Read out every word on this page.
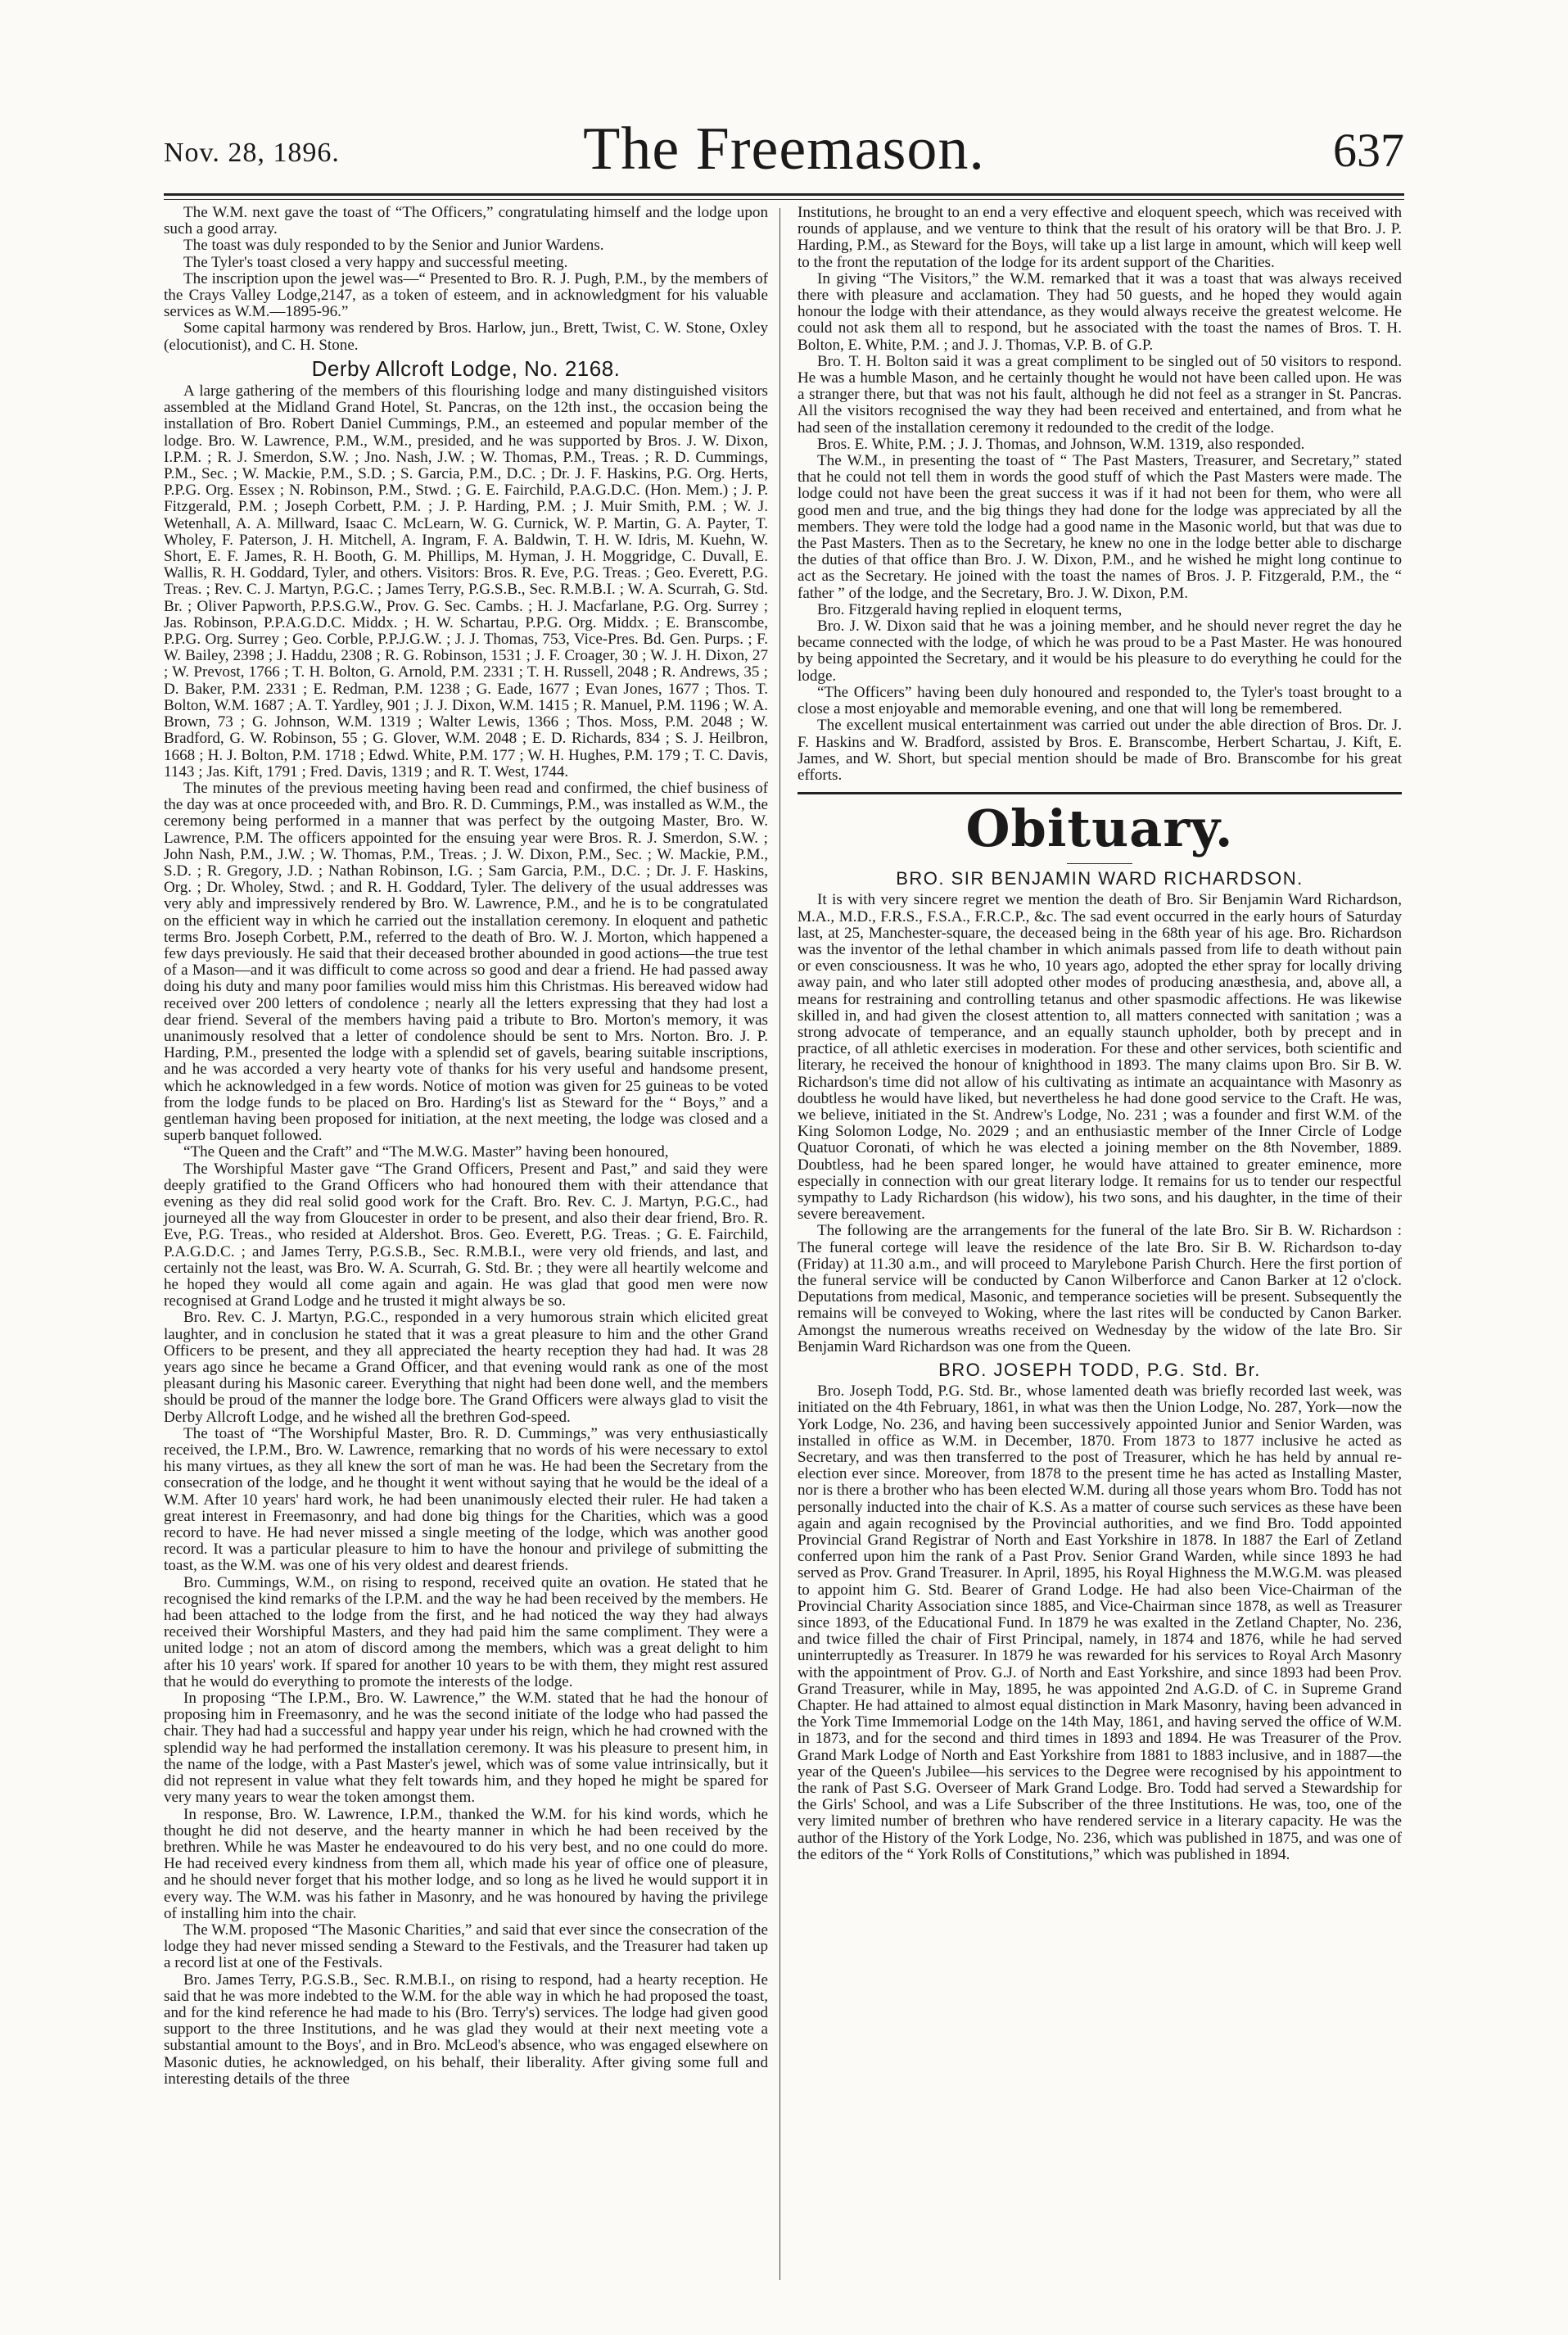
Nov. 28, 1896.	The Freemason.	637

The W.M. next gave the toast of “The Officers,” congratulating himself and the lodge upon such a good array.

The toast was duly responded to by the Senior and Junior Wardens.

The Tyler's toast closed a very happy and successful meeting.

The inscription upon the jewel was—“ Presented to Bro. R. J. Pugh, P.M., by the members of the Crays Valley Lodge,2147, as a token of esteem, and in acknowledgment for his valuable services as W.M.—1895-96.”

Some capital harmony was rendered by Bros. Harlow, jun., Brett, Twist, C. W. Stone, Oxley (elocutionist), and C. H. Stone.

Derby Allcroft Lodge, No. 2168.

A large gathering of the members of this flourishing lodge and many distinguished visitors assembled at the Midland Grand Hotel, St. Pancras, on the 12th inst., the occasion being the installation of Bro. Robert Daniel Cummings, P.M., an esteemed and popular member of the lodge. Bro. W. Lawrence, P.M., W.M., presided, and he was supported by Bros. J. W. Dixon, I.P.M. ; R. J. Smerdon, S.W. ; Jno. Nash, J.W. ; W. Thomas, P.M., Treas. ; R. D. Cummings, P.M., Sec. ; W. Mackie, P.M., S.D. ; S. Garcia, P.M., D.C. ; Dr. J. F. Haskins, P.G. Org. Herts, P.P.G. Org. Essex ; N. Robinson, P.M., Stwd. ; G. E. Fairchild, P.A.G.D.C. (Hon. Mem.) ; J. P. Fitzgerald, P.M. ; Joseph Corbett, P.M. ; J. P. Harding, P.M. ; J. Muir Smith, P.M. ; W. J. Wetenhall, A. A. Millward, Isaac C. McLearn, W. G. Curnick, W. P. Martin, G. A. Payter, T. Wholey, F. Paterson, J. H. Mitchell, A. Ingram, F. A. Baldwin, T. H. W. Idris, M. Kuehn, W. Short, E. F. James, R. H. Booth, G. M. Phillips, M. Hyman, J. H. Moggridge, C. Duvall, E. Wallis, R. H. Goddard, Tyler, and others. Visitors: Bros. R. Eve, P.G. Treas. ; Geo. Everett, P.G. Treas. ; Rev. C. J. Martyn, P.G.C. ; James Terry, P.G.S.B., Sec. R.M.B.I. ; W. A. Scurrah, G. Std. Br. ; Oliver Papworth, P.P.S.G.W., Prov. G. Sec. Cambs. ; H. J. Macfarlane, P.G. Org. Surrey ; Jas. Robinson, P.P.A.G.D.C. Middx. ; H. W. Schartau, P.P.G. Org. Middx. ; E. Branscombe, P.P.G. Org. Surrey ; Geo. Corble, P.P.J.G.W. ; J. J. Thomas, 753, Vice-Pres. Bd. Gen. Purps. ; F. W. Bailey, 2398 ; J. Haddu, 2308 ; R. G. Robinson, 1531 ; J. F. Croager, 30 ; W. J. H. Dixon, 27 ; W. Prevost, 1766 ; T. H. Bolton, G. Arnold, P.M. 2331 ; T. H. Russell, 2048 ; R. Andrews, 35 ; D. Baker, P.M. 2331 ; E. Redman, P.M. 1238 ; G. Eade, 1677 ; Evan Jones, 1677 ; Thos. T. Bolton, W.M. 1687 ; A. T. Yardley, 901 ; J. J. Dixon, W.M. 1415 ; R. Manuel, P.M. 1196 ; W. A. Brown, 73 ; G. Johnson, W.M. 1319 ; Walter Lewis, 1366 ; Thos. Moss, P.M. 2048 ; W. Bradford, G. W. Robinson, 55 ; G. Glover, W.M. 2048 ; E. D. Richards, 834 ; S. J. Heilbron, 1668 ; H. J. Bolton, P.M. 1718 ; Edwd. White, P.M. 177 ; W. H. Hughes, P.M. 179 ; T. C. Davis, 1143 ; Jas. Kift, 1791 ; Fred. Davis, 1319 ; and R. T. West, 1744.

The minutes of the previous meeting having been read and confirmed, the chief business of the day was at once proceeded with, and Bro. R. D. Cummings, P.M., was installed as W.M., the ceremony being performed in a manner that was perfect by the outgoing Master, Bro. W. Lawrence, P.M. The officers appointed for the ensuing year were Bros. R. J. Smerdon, S.W. ; John Nash, P.M., J.W. ; W. Thomas, P.M., Treas. ; J. W. Dixon, P.M., Sec. ; W. Mackie, P.M., S.D. ; R. Gregory, J.D. ; Nathan Robinson, I.G. ; Sam Garcia, P.M., D.C. ; Dr. J. F. Haskins, Org. ; Dr. Wholey, Stwd. ; and R. H. Goddard, Tyler. The delivery of the usual addresses was very ably and impressively rendered by Bro. W. Lawrence, P.M., and he is to be congratulated on the efficient way in which he carried out the installation ceremony. In eloquent and pathetic terms Bro. Joseph Corbett, P.M., referred to the death of Bro. W. J. Morton, which happened a few days previously. He said that their deceased brother abounded in good actions—the true test of a Mason—and it was difficult to come across so good and dear a friend. He had passed away doing his duty and many poor families would miss him this Christmas. His bereaved widow had received over 200 letters of condolence ; nearly all the letters expressing that they had lost a dear friend. Several of the members having paid a tribute to Bro. Morton's memory, it was unanimously resolved that a letter of condolence should be sent to Mrs. Norton. Bro. J. P. Harding, P.M., presented the lodge with a splendid set of gavels, bearing suitable inscriptions, and he was accorded a very hearty vote of thanks for his very useful and handsome present, which he acknowledged in a few words. Notice of motion was given for 25 guineas to be voted from the lodge funds to be placed on Bro. Harding's list as Steward for the “ Boys,” and a gentleman having been proposed for initiation, at the next meeting, the lodge was closed and a superb banquet followed.

“The Queen and the Craft” and “The M.W.G. Master” having been honoured,

The Worshipful Master gave “The Grand Officers, Present and Past,” and said they were deeply gratified to the Grand Officers who had honoured them with their attendance that evening as they did real solid good work for the Craft. Bro. Rev. C. J. Martyn, P.G.C., had journeyed all the way from Gloucester in order to be present, and also their dear friend, Bro. R. Eve, P.G. Treas., who resided at Aldershot. Bros. Geo. Everett, P.G. Treas. ; G. E. Fairchild, P.A.G.D.C. ; and James Terry, P.G.S.B., Sec. R.M.B.I., were very old friends, and last, and certainly not the least, was Bro. W. A. Scurrah, G. Std. Br. ; they were all heartily welcome and he hoped they would all come again and again. He was glad that good men were now recognised at Grand Lodge and he trusted it might always be so.

Bro. Rev. C. J. Martyn, P.G.C., responded in a very humorous strain which elicited great laughter, and in conclusion he stated that it was a great pleasure to him and the other Grand Officers to be present, and they all appreciated the hearty reception they had had. It was 28 years ago since he became a Grand Officer, and that evening would rank as one of the most pleasant during his Masonic career. Everything that night had been done well, and the members should be proud of the manner the lodge bore. The Grand Officers were always glad to visit the Derby Allcroft Lodge, and he wished all the brethren God-speed.

The toast of “The Worshipful Master, Bro. R. D. Cummings,” was very enthusiastically received, the I.P.M., Bro. W. Lawrence, remarking that no words of his were necessary to extol his many virtues, as they all knew the sort of man he was. He had been the Secretary from the consecration of the lodge, and he thought it went without saying that he would be the ideal of a W.M. After 10 years' hard work, he had been unanimously elected their ruler. He had taken a great interest in Freemasonry, and had done big things for the Charities, which was a good record to have. He had never missed a single meeting of the lodge, which was another good record. It was a particular pleasure to him to have the honour and privilege of submitting the toast, as the W.M. was one of his very oldest and dearest friends.

Bro. Cummings, W.M., on rising to respond, received quite an ovation. He stated that he recognised the kind remarks of the I.P.M. and the way he had been received by the members. He had been attached to the lodge from the first, and he had noticed the way they had always received their Worshipful Masters, and they had paid him the same compliment. They were a united lodge ; not an atom of discord among the members, which was a great delight to him after his 10 years' work. If spared for another 10 years to be with them, they might rest assured that he would do everything to promote the interests of the lodge.

In proposing “The I.P.M., Bro. W. Lawrence,” the W.M. stated that he had the honour of proposing him in Freemasonry, and he was the second initiate of the lodge who had passed the chair. They had had a successful and happy year under his reign, which he had crowned with the splendid way he had performed the installation ceremony. It was his pleasure to present him, in the name of the lodge, with a Past Master's jewel, which was of some value intrinsically, but it did not represent in value what they felt towards him, and they hoped he might be spared for very many years to wear the token amongst them.

In response, Bro. W. Lawrence, I.P.M., thanked the W.M. for his kind words, which he thought he did not deserve, and the hearty manner in which he had been received by the brethren. While he was Master he endeavoured to do his very best, and no one could do more. He had received every kindness from them all, which made his year of office one of pleasure, and he should never forget that his mother lodge, and so long as he lived he would support it in every way. The W.M. was his father in Masonry, and he was honoured by having the privilege of installing him into the chair.

The W.M. proposed “The Masonic Charities,” and said that ever since the consecration of the lodge they had never missed sending a Steward to the Festivals, and the Treasurer had taken up a record list at one of the Festivals.

Bro. James Terry, P.G.S.B., Sec. R.M.B.I., on rising to respond, had a hearty reception. He said that he was more indebted to the W.M. for the able way in which he had proposed the toast, and for the kind reference he had made to his (Bro. Terry's) services. The lodge had given good support to the three Institutions, and he was glad they would at their next meeting vote a substantial amount to the Boys', and in Bro. McLeod's absence, who was engaged elsewhere on Masonic duties, he acknowledged, on his behalf, their liberality. After giving some full and interesting details of the three

Institutions, he brought to an end a very effective and eloquent speech, which was received with rounds of applause, and we venture to think that the result of his oratory will be that Bro. J. P. Harding, P.M., as Steward for the Boys, will take up a list large in amount, which will keep well to the front the reputation of the lodge for its ardent support of the Charities.

In giving “The Visitors,” the W.M. remarked that it was a toast that was always received there with pleasure and acclamation. They had 50 guests, and he hoped they would again honour the lodge with their attendance, as they would always receive the greatest welcome. He could not ask them all to respond, but he associated with the toast the names of Bros. T. H. Bolton, E. White, P.M. ; and J. J. Thomas, V.P. B. of G.P.

Bro. T. H. Bolton said it was a great compliment to be singled out of 50 visitors to respond. He was a humble Mason, and he certainly thought he would not have been called upon. He was a stranger there, but that was not his fault, although he did not feel as a stranger in St. Pancras. All the visitors recognised the way they had been received and entertained, and from what he had seen of the installation ceremony it redounded to the credit of the lodge.

Bros. E. White, P.M. ; J. J. Thomas, and Johnson, W.M. 1319, also responded.

The W.M., in presenting the toast of “ The Past Masters, Treasurer, and Secretary,” stated that he could not tell them in words the good stuff of which the Past Masters were made. The lodge could not have been the great success it was if it had not been for them, who were all good men and true, and the big things they had done for the lodge was appreciated by all the members. They were told the lodge had a good name in the Masonic world, but that was due to the Past Masters. Then as to the Secretary, he knew no one in the lodge better able to discharge the duties of that office than Bro. J. W. Dixon, P.M., and he wished he might long continue to act as the Secretary. He joined with the toast the names of Bros. J. P. Fitzgerald, P.M., the “ father ” of the lodge, and the Secretary, Bro. J. W. Dixon, P.M.

Bro. Fitzgerald having replied in eloquent terms,

Bro. J. W. Dixon said that he was a joining member, and he should never regret the day he became connected with the lodge, of which he was proud to be a Past Master. He was honoured by being appointed the Secretary, and it would be his pleasure to do everything he could for the lodge.

“The Officers” having been duly honoured and responded to, the Tyler's toast brought to a close a most enjoyable and memorable evening, and one that will long be remembered.

The excellent musical entertainment was carried out under the able direction of Bros. Dr. J. F. Haskins and W. Bradford, assisted by Bros. E. Branscombe, Herbert Schartau, J. Kift, E. James, and W. Short, but special mention should be made of Bro. Branscombe for his great efforts.

Obituary.
BRO. SIR BENJAMIN WARD RICHARDSON.

It is with very sincere regret we mention the death of Bro. Sir Benjamin Ward Richardson, M.A., M.D., F.R.S., F.S.A., F.R.C.P., &c. The sad event occurred in the early hours of Saturday last, at 25, Manchester-square, the deceased being in the 68th year of his age. Bro. Richardson was the inventor of the lethal chamber in which animals passed from life to death without pain or even consciousness. It was he who, 10 years ago, adopted the ether spray for locally driving away pain, and who later still adopted other modes of producing anæsthesia, and, above all, a means for restraining and controlling tetanus and other spasmodic affections. He was likewise skilled in, and had given the closest attention to, all matters connected with sanitation ; was a strong advocate of temperance, and an equally staunch upholder, both by precept and in practice, of all athletic exercises in moderation. For these and other services, both scientific and literary, he received the honour of knighthood in 1893. The many claims upon Bro. Sir B. W. Richardson's time did not allow of his cultivating as intimate an acquaintance with Masonry as doubtless he would have liked, but nevertheless he had done good service to the Craft. He was, we believe, initiated in the St. Andrew's Lodge, No. 231 ; was a founder and first W.M. of the King Solomon Lodge, No. 2029 ; and an enthusiastic member of the Inner Circle of Lodge Quatuor Coronati, of which he was elected a joining member on the 8th November, 1889. Doubtless, had he been spared longer, he would have attained to greater eminence, more especially in connection with our great literary lodge. It remains for us to tender our respectful sympathy to Lady Richardson (his widow), his two sons, and his daughter, in the time of their severe bereavement.

The following are the arrangements for the funeral of the late Bro. Sir B. W. Richardson : The funeral cortege will leave the residence of the late Bro. Sir B. W. Richardson to-day (Friday) at 11.30 a.m., and will proceed to Marylebone Parish Church. Here the first portion of the funeral service will be conducted by Canon Wilberforce and Canon Barker at 12 o'clock. Deputations from medical, Masonic, and temperance societies will be present. Subsequently the remains will be conveyed to Woking, where the last rites will be conducted by Canon Barker. Amongst the numerous wreaths received on Wednesday by the widow of the late Bro. Sir Benjamin Ward Richardson was one from the Queen.

BRO. JOSEPH TODD, P.G. Std. Br.

Bro. Joseph Todd, P.G. Std. Br., whose lamented death was briefly recorded last week, was initiated on the 4th February, 1861, in what was then the Union Lodge, No. 287, York—now the York Lodge, No. 236, and having been successively appointed Junior and Senior Warden, was installed in office as W.M. in December, 1870. From 1873 to 1877 inclusive he acted as Secretary, and was then transferred to the post of Treasurer, which he has held by annual re-election ever since. Moreover, from 1878 to the present time he has acted as Installing Master, nor is there a brother who has been elected W.M. during all those years whom Bro. Todd has not personally inducted into the chair of K.S. As a matter of course such services as these have been again and again recognised by the Provincial authorities, and we find Bro. Todd appointed Provincial Grand Registrar of North and East Yorkshire in 1878. In 1887 the Earl of Zetland conferred upon him the rank of a Past Prov. Senior Grand Warden, while since 1893 he had served as Prov. Grand Treasurer. In April, 1895, his Royal Highness the M.W.G.M. was pleased to appoint him G. Std. Bearer of Grand Lodge. He had also been Vice-Chairman of the Provincial Charity Association since 1885, and Vice-Chairman since 1878, as well as Treasurer since 1893, of the Educational Fund. In 1879 he was exalted in the Zetland Chapter, No. 236, and twice filled the chair of First Principal, namely, in 1874 and 1876, while he had served uninterruptedly as Treasurer. In 1879 he was rewarded for his services to Royal Arch Masonry with the appointment of Prov. G.J. of North and East Yorkshire, and since 1893 had been Prov. Grand Treasurer, while in May, 1895, he was appointed 2nd A.G.D. of C. in Supreme Grand Chapter. He had attained to almost equal distinction in Mark Masonry, having been advanced in the York Time Immemorial Lodge on the 14th May, 1861, and having served the office of W.M. in 1873, and for the second and third times in 1893 and 1894. He was Treasurer of the Prov. Grand Mark Lodge of North and East Yorkshire from 1881 to 1883 inclusive, and in 1887—the year of the Queen's Jubilee—his services to the Degree were recognised by his appointment to the rank of Past S.G. Overseer of Mark Grand Lodge. Bro. Todd had served a Stewardship for the Girls' School, and was a Life Subscriber of the three Institutions. He was, too, one of the very limited number of brethren who have rendered service in a literary capacity. He was the author of the History of the York Lodge, No. 236, which was published in 1875, and was one of the editors of the “ York Rolls of Constitutions,” which was published in 1894.
